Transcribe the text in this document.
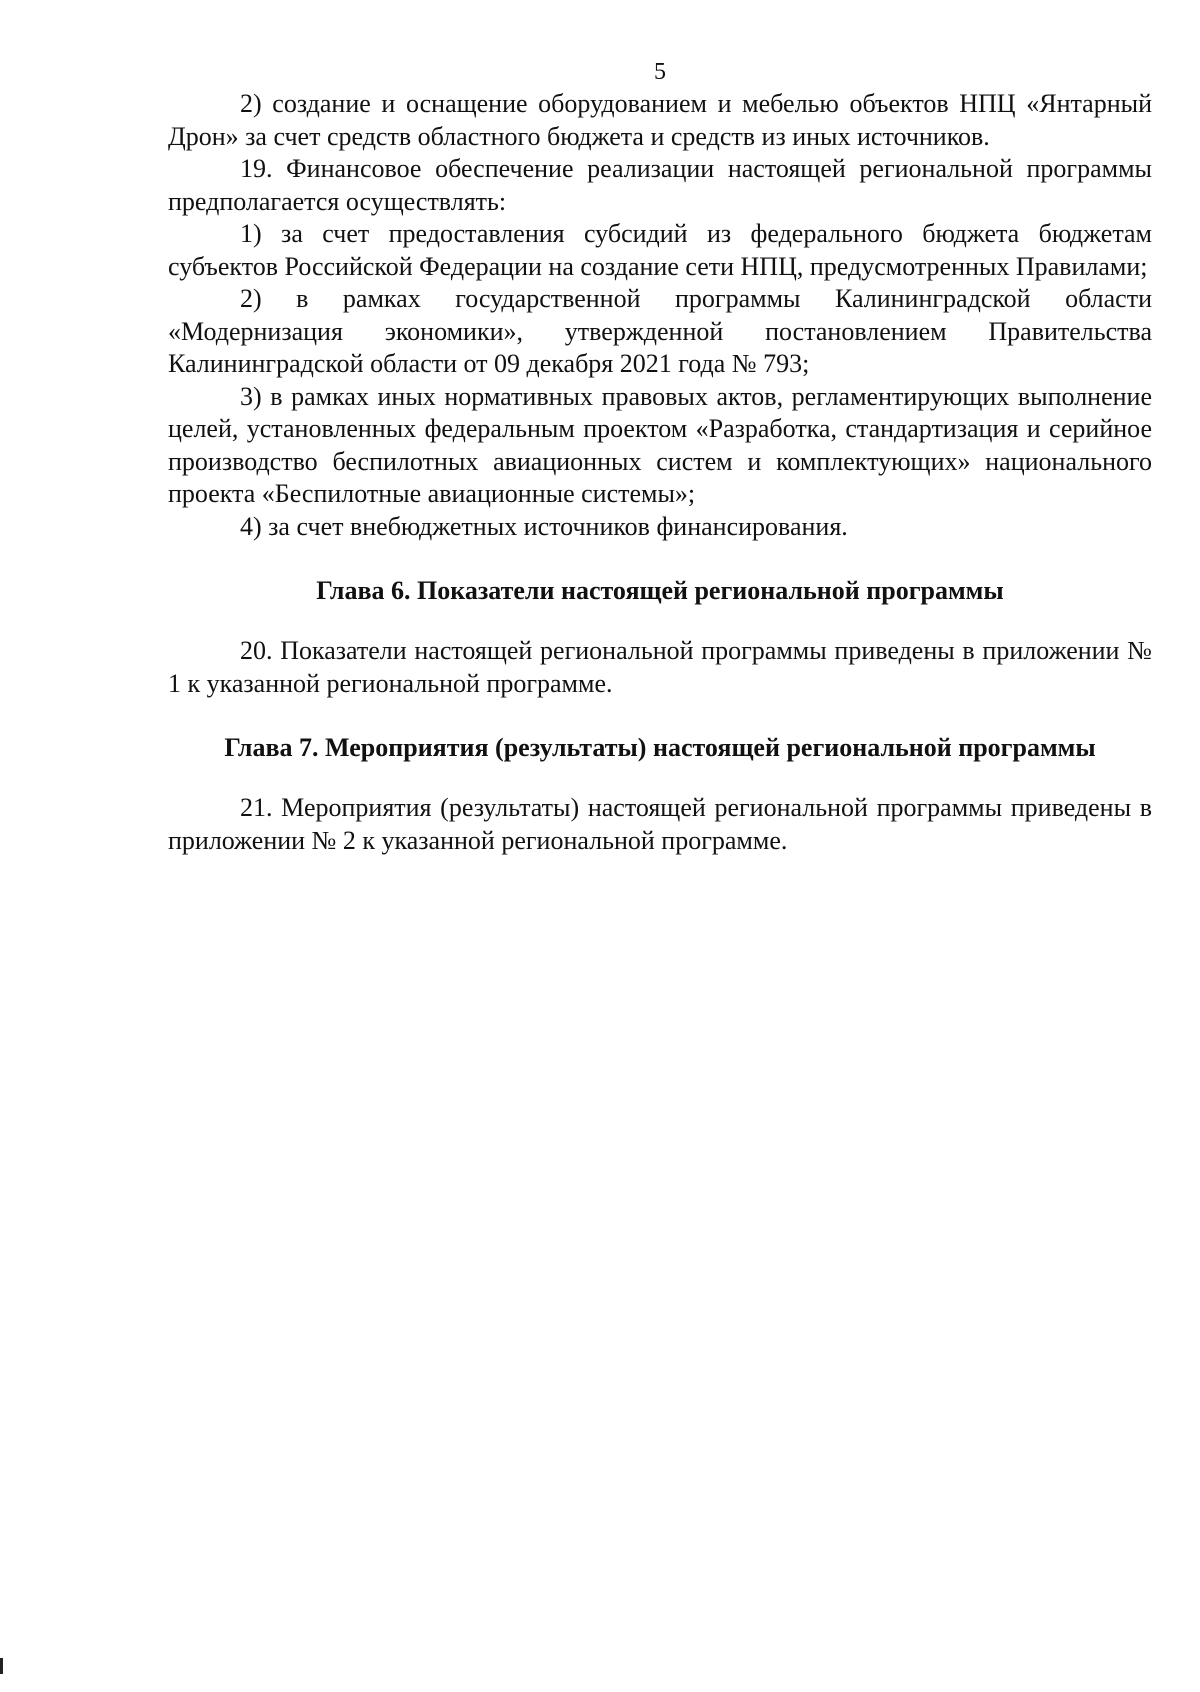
5

2) создание и оснащение оборудованием и мебелью объектов НПЦ «Янтарный Дрон» за счет средств областного бюджета и средств из иных источников.

19. Финансовое обеспечение реализации настоящей региональной программы предполагается осуществлять:

1) за счет предоставления субсидий из федерального бюджета бюджетам субъектов Российской Федерации на создание сети НПЦ, предусмотренных Правилами;

2) в рамках государственной программы Калининградской области «Модернизация экономики», утвержденной постановлением Правительства Калининградской области от 09 декабря 2021 года № 793;

3) в рамках иных нормативных правовых актов, регламентирующих выполнение целей, установленных федеральным проектом «Разработка, стандартизация и серийное производство беспилотных авиационных систем и комплектующих» национального проекта «Беспилотные авиационные системы»;

4) за счет внебюджетных источников финансирования.

Глава 6. Показатели настоящей региональной программы

20. Показатели настоящей региональной программы приведены в приложении № 1 к указанной региональной программе.

Глава 7. Мероприятия (результаты) настоящей региональной программы

21. Мероприятия (результаты) настоящей региональной программы приведены в приложении № 2 к указанной региональной программе.
